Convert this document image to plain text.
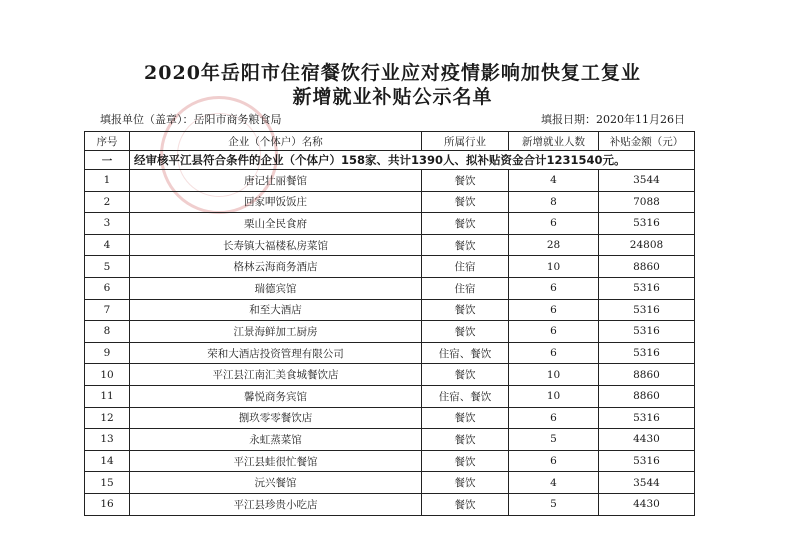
2020年岳阳市住宿餐饮行业应对疫情影响加快复工复业
新增就业补贴公示名单
填报单位（盖章）：岳阳市商务粮食局	填报日期：2020年11月26日
序号	企业（个体户）名称	所属行业	新增就业人数	补贴金额（元）
一	经审核平江县符合条件的企业（个体户）158家、共计1390人、拟补贴资金合计1231540元。			
1	唐记壮丽餐馆	餐饮	4	3544
2	回家呷饭饭庄	餐饮	8	7088
3	栗山全民食府	餐饮	6	5316
4	长寿镇大福楼私房菜馆	餐饮	28	24808
5	格林云海商务酒店	住宿	10	8860
6	瑞德宾馆	住宿	6	5316
7	和至大酒店	餐饮	6	5316
8	江景海鲜加工厨房	餐饮	6	5316
9	荣和大酒店投资管理有限公司	住宿、餐饮	6	5316
10	平江县江南汇美食城餐饮店	餐饮	10	8860
11	馨悦商务宾馆	住宿、餐饮	10	8860
12	捌玖零零餐饮店	餐饮	6	5316
13	永虹蒸菜馆	餐饮	5	4430
14	平江县蛙很忙餐馆	餐饮	6	5316
15	沅兴餐馆	餐饮	4	3544
16	平江县珍贵小吃店	餐饮	5	4430
